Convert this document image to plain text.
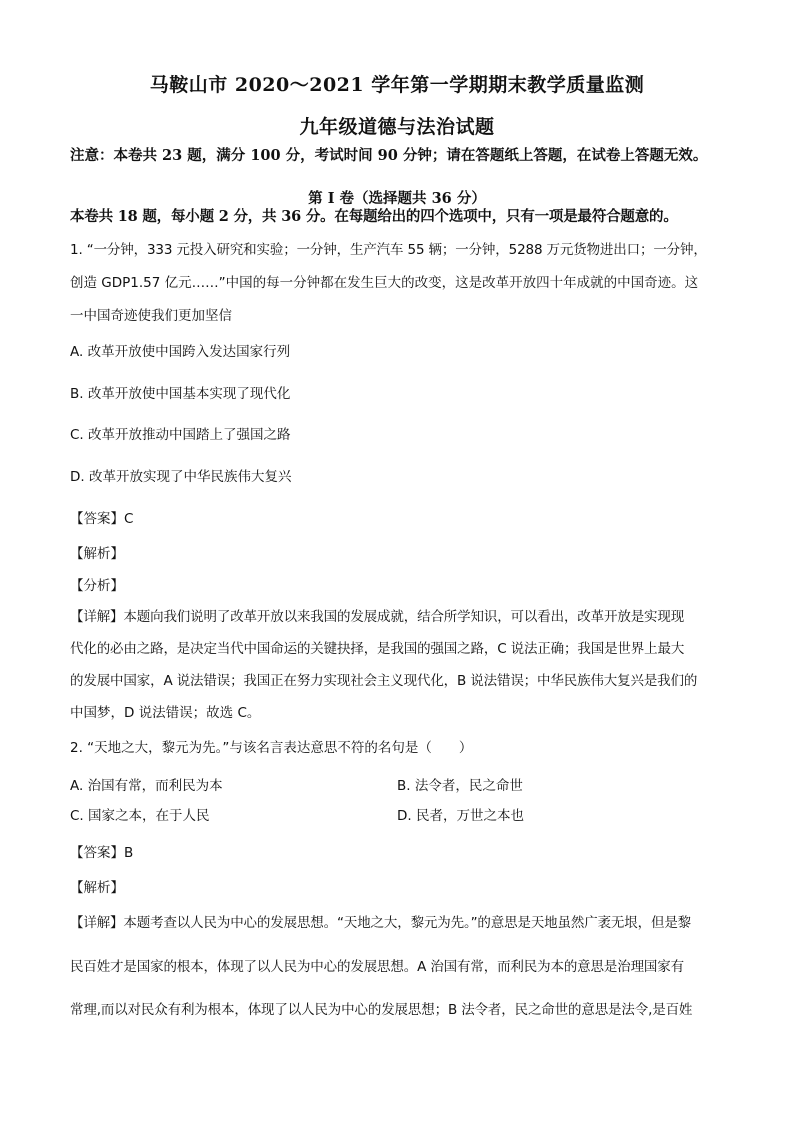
马鞍山市 2020～2021 学年第一学期期末教学质量监测
九年级道德与法治试题
注意：本卷共 23 题，满分 100 分，考试时间 90 分钟；请在答题纸上答题，在试卷上答题无效。
第 I 卷（选择题共 36 分）
本卷共 18 题，每小题 2 分，共 36 分。在每题给出的四个选项中，只有一项是最符合题意的。
1. “一分钟，333 元投入研究和实验；一分钟，生产汽车 55 辆；一分钟，5288 万元货物进出口；一分钟，
创造 GDP1.57 亿元……”中国的每一分钟都在发生巨大的改变，这是改革开放四十年成就的中国奇迹。这
一中国奇迹使我们更加坚信
A. 改革开放使中国跨入发达国家行列
B. 改革开放使中国基本实现了现代化
C. 改革开放推动中国踏上了强国之路
D. 改革开放实现了中华民族伟大复兴
【答案】C
【解析】
【分析】
【详解】本题向我们说明了改革开放以来我国的发展成就，结合所学知识，可以看出，改革开放是实现现
代化的必由之路，是决定当代中国命运的关键抉择，是我国的强国之路，C 说法正确；我国是世界上最大
的发展中国家，A 说法错误；我国正在努力实现社会主义现代化，B 说法错误；中华民族伟大复兴是我们的
中国梦，D 说法错误；故选 C。
2. “天地之大，黎元为先。”与该名言表达意思不符的名句是（　　）
A. 治国有常，而利民为本	B. 法令者，民之命世
C. 国家之本，在于人民	D. 民者，万世之本也
【答案】B
【解析】
【详解】本题考查以人民为中心的发展思想。“天地之大，黎元为先。”的意思是天地虽然广袤无垠，但是黎
民百姓才是国家的根本，体现了以人民为中心的发展思想。A 治国有常，而利民为本的意思是治理国家有
常理,而以对民众有利为根本，体现了以人民为中心的发展思想；B 法令者，民之命世的意思是法令,是百姓
